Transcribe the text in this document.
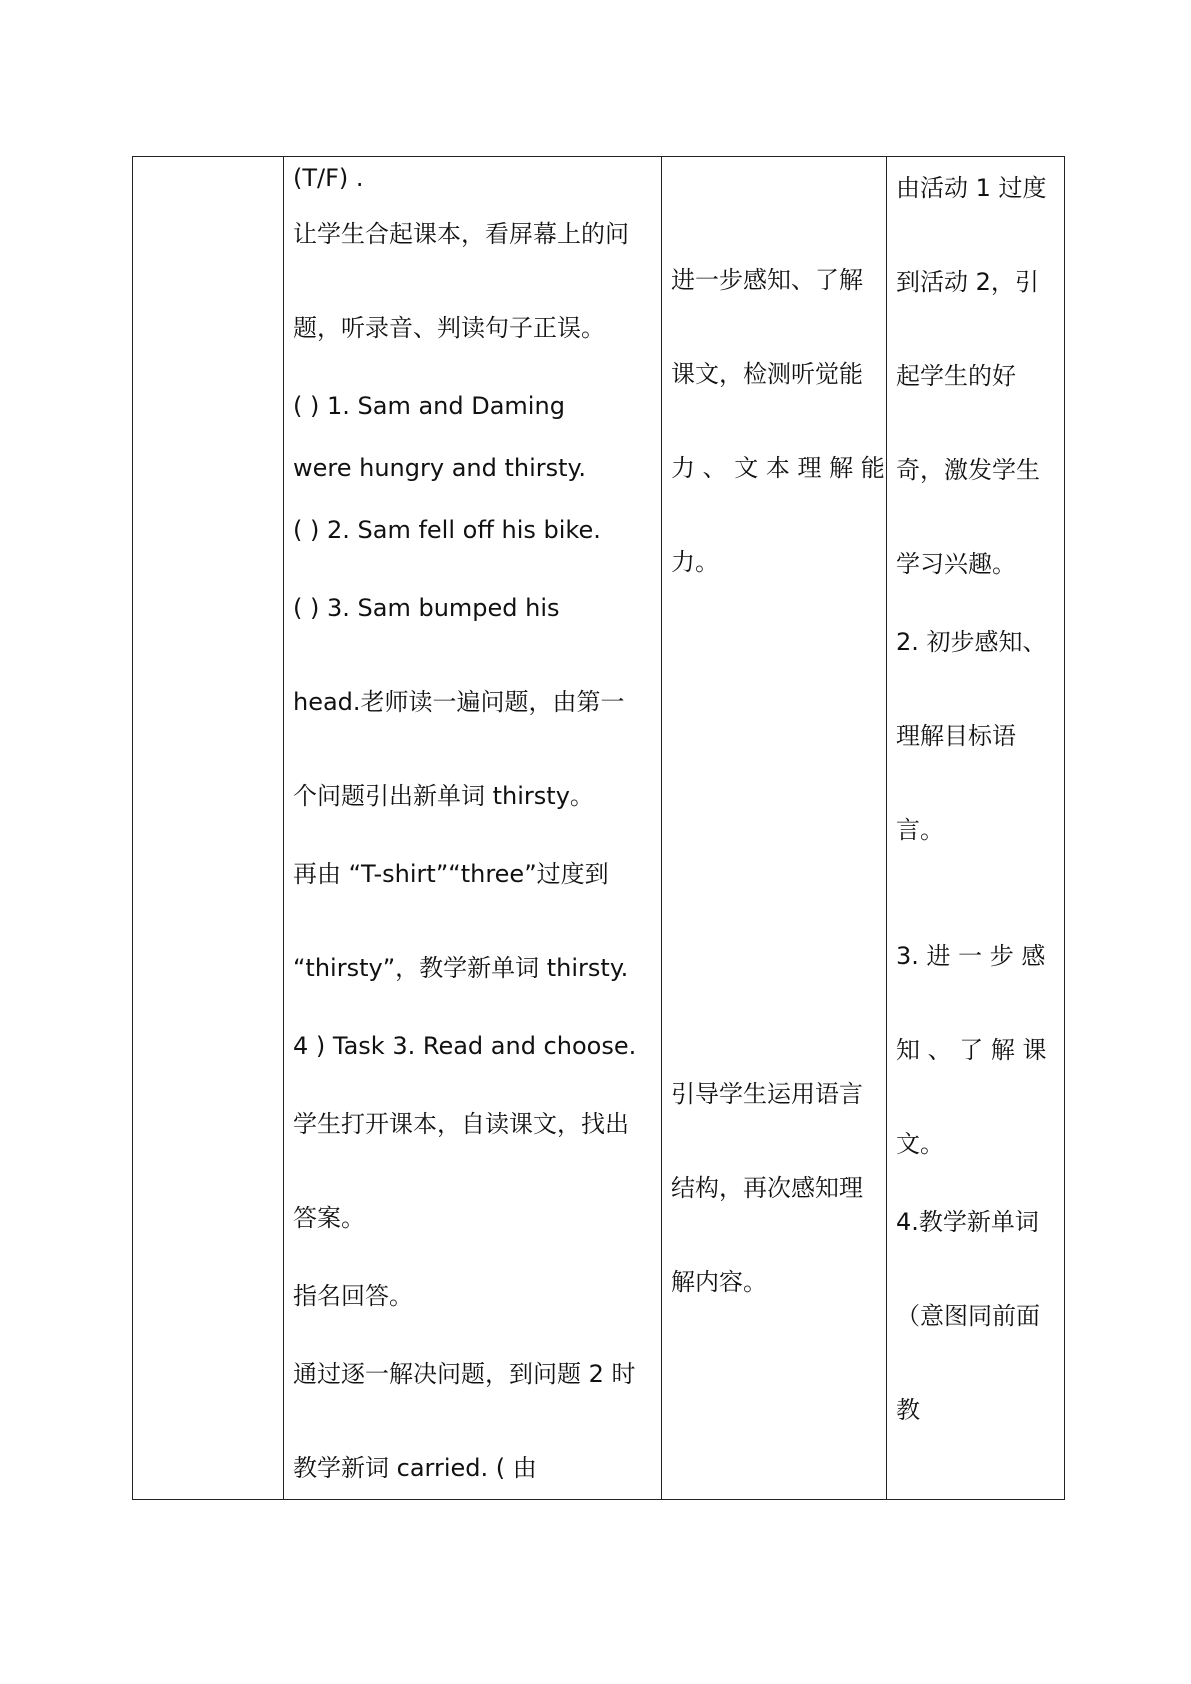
(T/F) .
让学生合起课本，看屏幕上的问
题，听录音、判读句子正误。
( ) 1. Sam and Daming
were hungry and thirsty.
( ) 2. Sam fell off his bike.
( ) 3. Sam bumped his
head.老师读一遍问题，由第一
个问题引出新单词 thirsty。
再由 “T-shirt”“three”过度到
“thirsty”，教学新单词 thirsty.
4 ) Task 3. Read and choose.
学生打开课本，自读课文，找出
答案。
指名回答。
通过逐一解决问题，到问题 2 时
教学新词 carried. ( 由
进一步感知、了解
课文，检测听觉能
力 、 文 本 理 解 能
力。
引导学生运用语言
结构，再次感知理
解内容。
由活动 1 过度
到活动 2，引
起学生的好
奇，激发学生
学习兴趣。
2. 初步感知、
理解目标语
言。
3. 进 一 步 感
知 、 了 解 课
文。
4.教学新单词
（意图同前面
教
